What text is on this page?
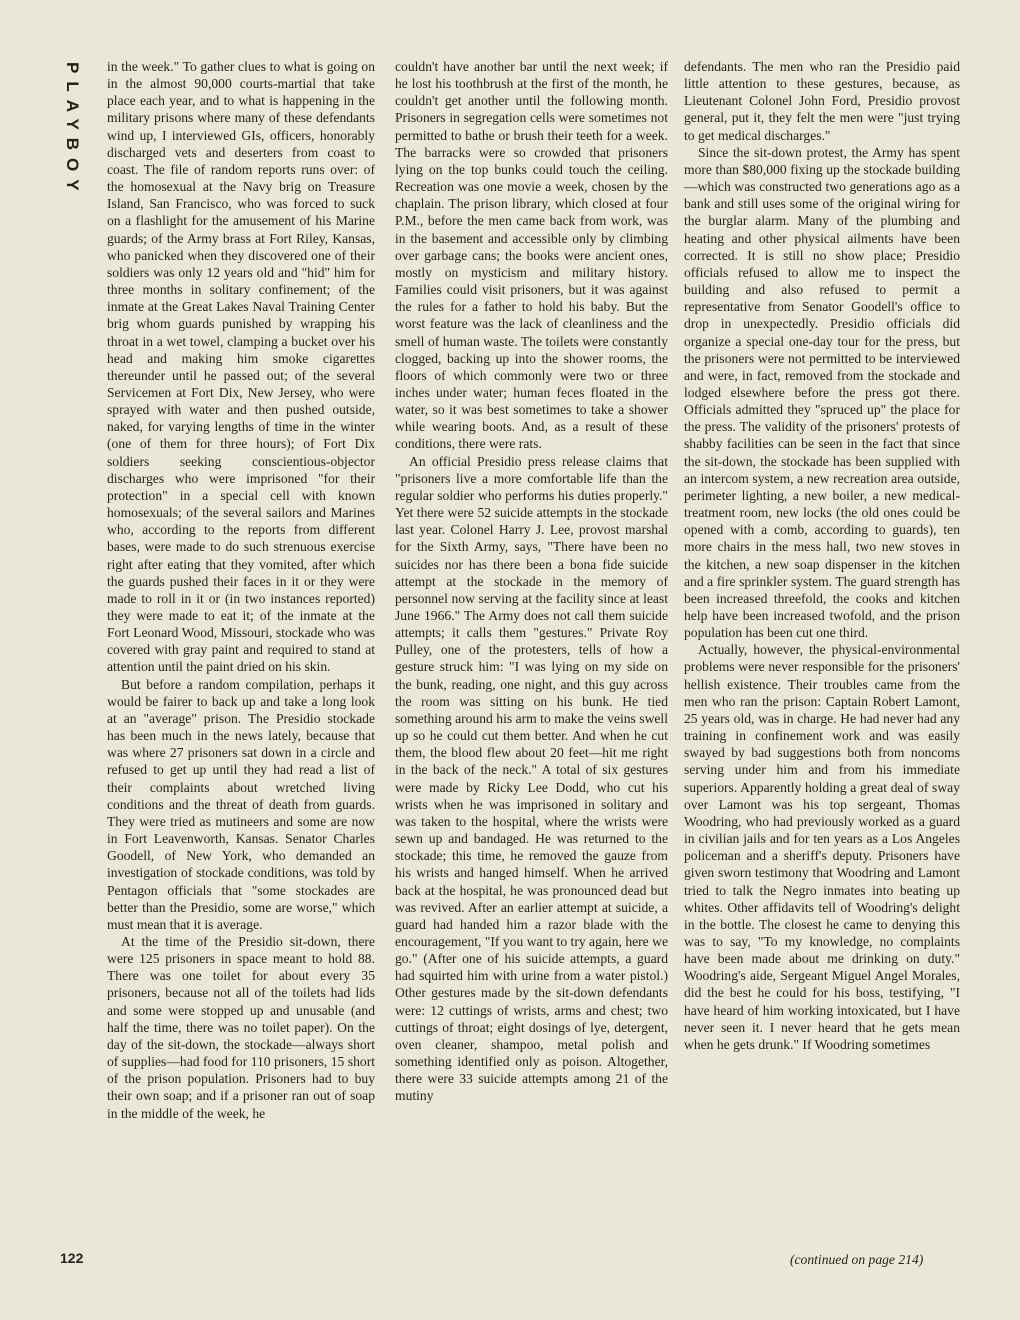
PLAYBOY in the week." To gather clues to what is going on in the almost 90,000 courts-martial that take place each year, and to what is happening in the military prisons where many of these defendants wind up, I interviewed GIs, officers, honorably discharged vets and deserters from coast to coast. The file of random reports runs over: of the homosexual at the Navy brig on Treasure Island, San Francisco, who was forced to suck on a flashlight for the amusement of his Marine guards; of the Army brass at Fort Riley, Kansas, who panicked when they discovered one of their soldiers was only 12 years old and "hid" him for three months in solitary confinement; of the inmate at the Great Lakes Naval Training Center brig whom guards punished by wrapping his throat in a wet towel, clamping a bucket over his head and making him smoke cigarettes thereunder until he passed out; of the several Servicemen at Fort Dix, New Jersey, who were sprayed with water and then pushed outside, naked, for varying lengths of time in the winter (one of them for three hours); of Fort Dix soldiers seeking conscientious-objector discharges who were imprisoned "for their protection" in a special cell with known homosexuals; of the several sailors and Marines who, according to the reports from different bases, were made to do such strenuous exercise right after eating that they vomited, after which the guards pushed their faces in it or they were made to roll in it or (in two instances reported) they were made to eat it; of the inmate at the Fort Leonard Wood, Missouri, stockade who was covered with gray paint and required to stand at attention until the paint dried on his skin.

But before a random compilation, perhaps it would be fairer to back up and take a long look at an "average" prison. The Presidio stockade has been much in the news lately, because that was where 27 prisoners sat down in a circle and refused to get up until they had read a list of their complaints about wretched living conditions and the threat of death from guards. They were tried as mutineers and some are now in Fort Leavenworth, Kansas. Senator Charles Goodell, of New York, who demanded an investigation of stockade conditions, was told by Pentagon officials that "some stockades are better than the Presidio, some are worse," which must mean that it is average.

At the time of the Presidio sit-down, there were 125 prisoners in space meant to hold 88. There was one toilet for about every 35 prisoners, because not all of the toilets had lids and some were stopped up and unusable (and half the time, there was no toilet paper). On the day of the sit-down, the stockade—always short of supplies—had food for 110 prisoners, 15 short of the prison population. Prisoners had to buy their own soap; and if a prisoner ran out of soap in the middle of the week, he

couldn't have another bar until the next week; if he lost his toothbrush at the first of the month, he couldn't get another until the following month. Prisoners in segregation cells were sometimes not permitted to bathe or brush their teeth for a week. The barracks were so crowded that prisoners lying on the top bunks could touch the ceiling. Recreation was one movie a week, chosen by the chaplain. The prison library, which closed at four P.M., before the men came back from work, was in the basement and accessible only by climbing over garbage cans; the books were ancient ones, mostly on mysticism and military history. Families could visit prisoners, but it was against the rules for a father to hold his baby. But the worst feature was the lack of cleanliness and the smell of human waste. The toilets were constantly clogged, backing up into the shower rooms, the floors of which commonly were two or three inches under water; human feces floated in the water, so it was best sometimes to take a shower while wearing boots. And, as a result of these conditions, there were rats.

An official Presidio press release claims that "prisoners live a more comfortable life than the regular soldier who performs his duties properly." Yet there were 52 suicide attempts in the stockade last year. Colonel Harry J. Lee, provost marshal for the Sixth Army, says, "There have been no suicides nor has there been a bona fide suicide attempt at the stockade in the memory of personnel now serving at the facility since at least June 1966." The Army does not call them suicide attempts; it calls them "gestures." Private Roy Pulley, one of the protesters, tells of how a gesture struck him: "I was lying on my side on the bunk, reading, one night, and this guy across the room was sitting on his bunk. He tied something around his arm to make the veins swell up so he could cut them better. And when he cut them, the blood flew about 20 feet—hit me right in the back of the neck." A total of six gestures were made by Ricky Lee Dodd, who cut his wrists when he was imprisoned in solitary and was taken to the hospital, where the wrists were sewn up and bandaged. He was returned to the stockade; this time, he removed the gauze from his wrists and hanged himself. When he arrived back at the hospital, he was pronounced dead but was revived. After an earlier attempt at suicide, a guard had handed him a razor blade with the encouragement, "If you want to try again, here we go." (After one of his suicide attempts, a guard had squirted him with urine from a water pistol.) Other gestures made by the sit-down defendants were: 12 cuttings of wrists, arms and chest; two cuttings of throat; eight dosings of lye, detergent, oven cleaner, shampoo, metal polish and something identified only as poison. Altogether, there were 33 suicide attempts among 21 of the mutiny

defendants. The men who ran the Presidio paid little attention to these gestures, because, as Lieutenant Colonel John Ford, Presidio provost general, put it, they felt the men were "just trying to get medical discharges."

Since the sit-down protest, the Army has spent more than $80,000 fixing up the stockade building—which was constructed two generations ago as a bank and still uses some of the original wiring for the burglar alarm. Many of the plumbing and heating and other physical ailments have been corrected. It is still no show place; Presidio officials refused to allow me to inspect the building and also refused to permit a representative from Senator Goodell's office to drop in unexpectedly. Presidio officials did organize a special one-day tour for the press, but the prisoners were not permitted to be interviewed and were, in fact, removed from the stockade and lodged elsewhere before the press got there. Officials admitted they "spruced up" the place for the press. The validity of the prisoners' protests of shabby facilities can be seen in the fact that since the sit-down, the stockade has been supplied with an intercom system, a new recreation area outside, perimeter lighting, a new boiler, a new medical-treatment room, new locks (the old ones could be opened with a comb, according to guards), ten more chairs in the mess hall, two new stoves in the kitchen, a new soap dispenser in the kitchen and a fire sprinkler system. The guard strength has been increased threefold, the cooks and kitchen help have been increased twofold, and the prison population has been cut one third.

Actually, however, the physical-environmental problems were never responsible for the prisoners' hellish existence. Their troubles came from the men who ran the prison: Captain Robert Lamont, 25 years old, was in charge. He had never had any training in confinement work and was easily swayed by bad suggestions both from noncoms serving under him and from his immediate superiors. Apparently holding a great deal of sway over Lamont was his top sergeant, Thomas Woodring, who had previously worked as a guard in civilian jails and for ten years as a Los Angeles policeman and a sheriff's deputy. Prisoners have given sworn testimony that Woodring and Lamont tried to talk the Negro inmates into beating up whites. Other affidavits tell of Woodring's delight in the bottle. The closest he came to denying this was to say, "To my knowledge, no complaints have been made about me drinking on duty." Woodring's aide, Sergeant Miguel Angel Morales, did the best he could for his boss, testifying, "I have heard of him working intoxicated, but I have never seen it. I never heard that he gets mean when he gets drunk." If Woodring sometimes

(continued on page 214)
122
